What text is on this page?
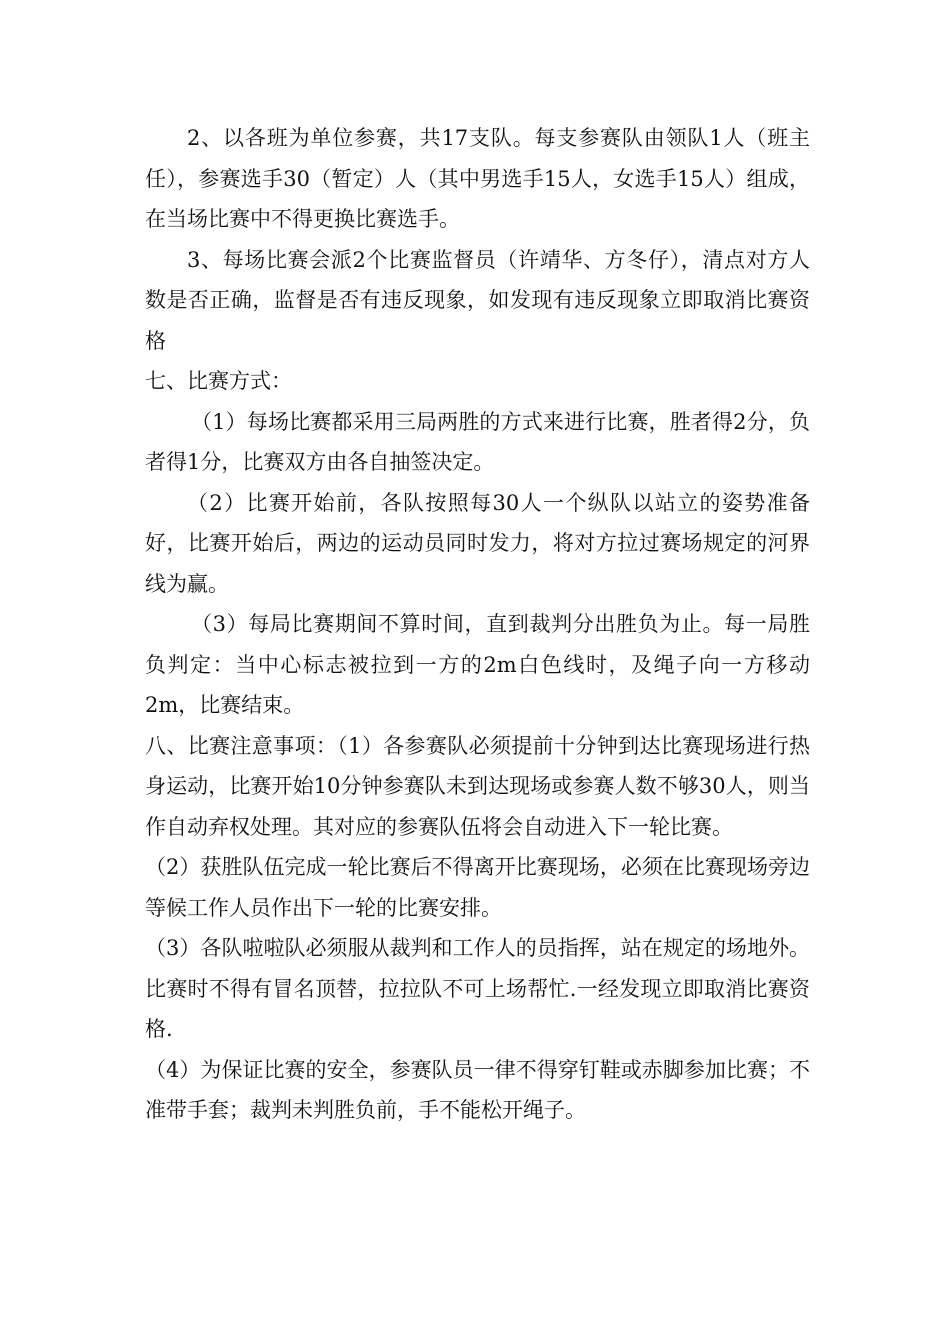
2、以各班为单位参赛，共17支队。每支参赛队由领队1人（班主任），参赛选手30（暂定）人（其中男选手15人，女选手15人）组成，在当场比赛中不得更换比赛选手。

3、每场比赛会派2个比赛监督员（许靖华、方冬仔），清点对方人数是否正确，监督是否有违反现象，如发现有违反现象立即取消比赛资格

七、比赛方式：

（1）每场比赛都采用三局两胜的方式来进行比赛，胜者得2分，负者得1分，比赛双方由各自抽签决定。

（2）比赛开始前，各队按照每30人一个纵队以站立的姿势准备好，比赛开始后，两边的运动员同时发力，将对方拉过赛场规定的河界线为赢。

（3）每局比赛期间不算时间，直到裁判分出胜负为止。每一局胜负判定：当中心标志被拉到一方的2m白色线时，及绳子向一方移动2m，比赛结束。

八、比赛注意事项：（1）各参赛队必须提前十分钟到达比赛现场进行热身运动，比赛开始10分钟参赛队未到达现场或参赛人数不够30人，则当作自动弃权处理。其对应的参赛队伍将会自动进入下一轮比赛。

（2）获胜队伍完成一轮比赛后不得离开比赛现场，必须在比赛现场旁边等候工作人员作出下一轮的比赛安排。

（3）各队啦啦队必须服从裁判和工作人的员指挥，站在规定的场地外。比赛时不得有冒名顶替，拉拉队不可上场帮忙.一经发现立即取消比赛资格.

（4）为保证比赛的安全，参赛队员一律不得穿钉鞋或赤脚参加比赛；不准带手套；裁判未判胜负前，手不能松开绳子。
